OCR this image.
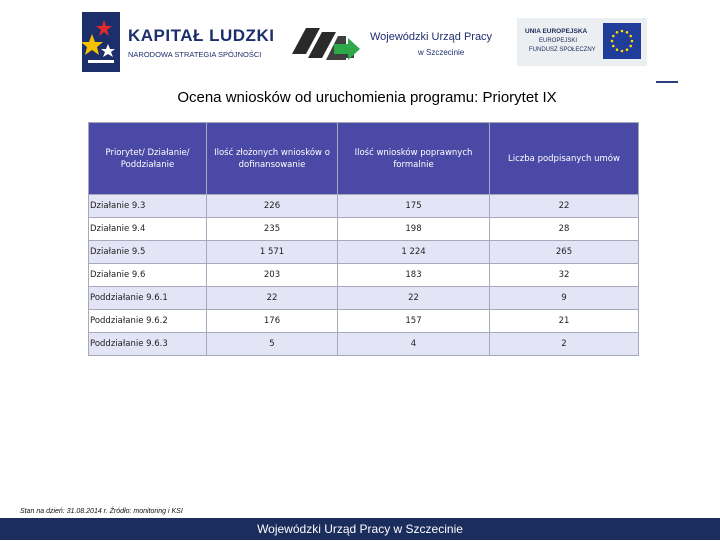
KAPITAŁ LUDZKI
NARODOWA STRATEGIA SPÓJNOŚCI
Wojewódzki Urząd Pracy
w Szczecinie
UNIA EUROPEJSKA
EUROPEJSKI
FUNDUSZ SPOŁECZNY
Ocena wniosków od uruchomienia programu: Priorytet IX
Priorytet/ Działanie/ Poddziałanie	Ilość złożonych wniosków o dofinansowanie	Ilość wniosków poprawnych formalnie	Liczba podpisanych umów
Działanie 9.3	226	175	22
Działanie 9.4	235	198	28
Działanie 9.5	1 571	1 224	265
Działanie 9.6	203	183	32
Poddziałanie 9.6.1	22	22	9
Poddziałanie 9.6.2	176	157	21
Poddziałanie 9.6.3	5	4	2
Stan na dzień: 31.08.2014 r. Źródło: monitoring i KSI
Wojewódzki Urząd Pracy w Szczecinie
